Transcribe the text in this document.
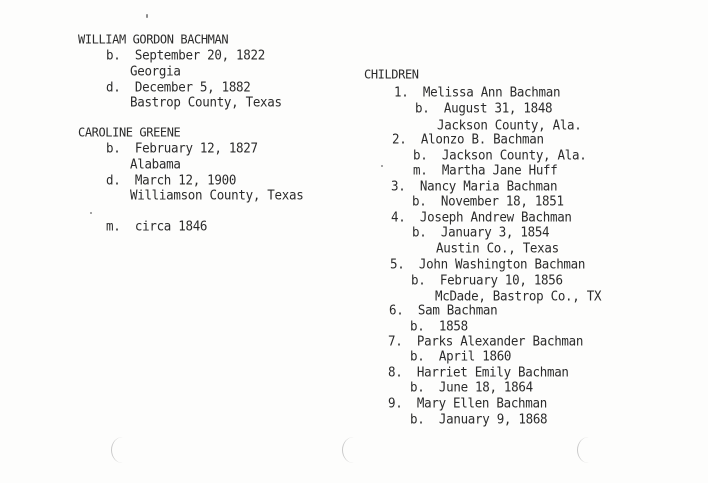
WILLIAM GORDON BACHMAN
b.  September 20, 1822
Georgia
d.  December 5, 1882
Bastrop County, Texas
CAROLINE GREENE
b.  February 12, 1827
Alabama
d.  March 12, 1900
Williamson County, Texas
m.  circa 1846
CHILDREN
1.  Melissa Ann Bachman
b.  August 31, 1848
Jackson County, Ala.
2.  Alonzo B. Bachman
b.  Jackson County, Ala.
m.  Martha Jane Huff
3.  Nancy Maria Bachman
b.  November 18, 1851
4.  Joseph Andrew Bachman
b.  January 3, 1854
Austin Co., Texas
5.  John Washington Bachman
b.  February 10, 1856
McDade, Bastrop Co., TX
6.  Sam Bachman
b.  1858
7.  Parks Alexander Bachman
b.  April 1860
8.  Harriet Emily Bachman
b.  June 18, 1864
9.  Mary Ellen Bachman
b.  January 9, 1868
